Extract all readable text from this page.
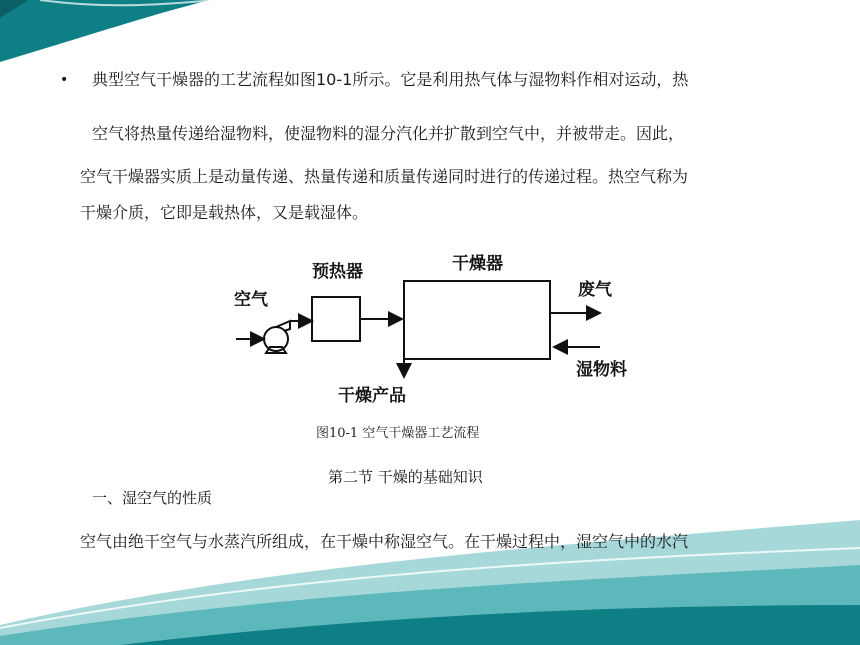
• 典型空气干燥器的工艺流程如图10-1所示。它是利用热气体与湿物料作相对运动，热
空气将热量传递给湿物料，使湿物料的湿分汽化并扩散到空气中，并被带走。因此，
空气干燥器实质上是动量传递、热量传递和质量传递同时进行的传递过程。热空气称为
干燥介质，它即是载热体，又是载湿体。
空气
预热器	干燥器
废气
湿物料
干燥产品
图10-1 空气干燥器工艺流程
第二节 干燥的基础知识
一、湿空气的性质
空气由绝干空气与水蒸汽所组成，在干燥中称湿空气。在干燥过程中，湿空气中的水汽
